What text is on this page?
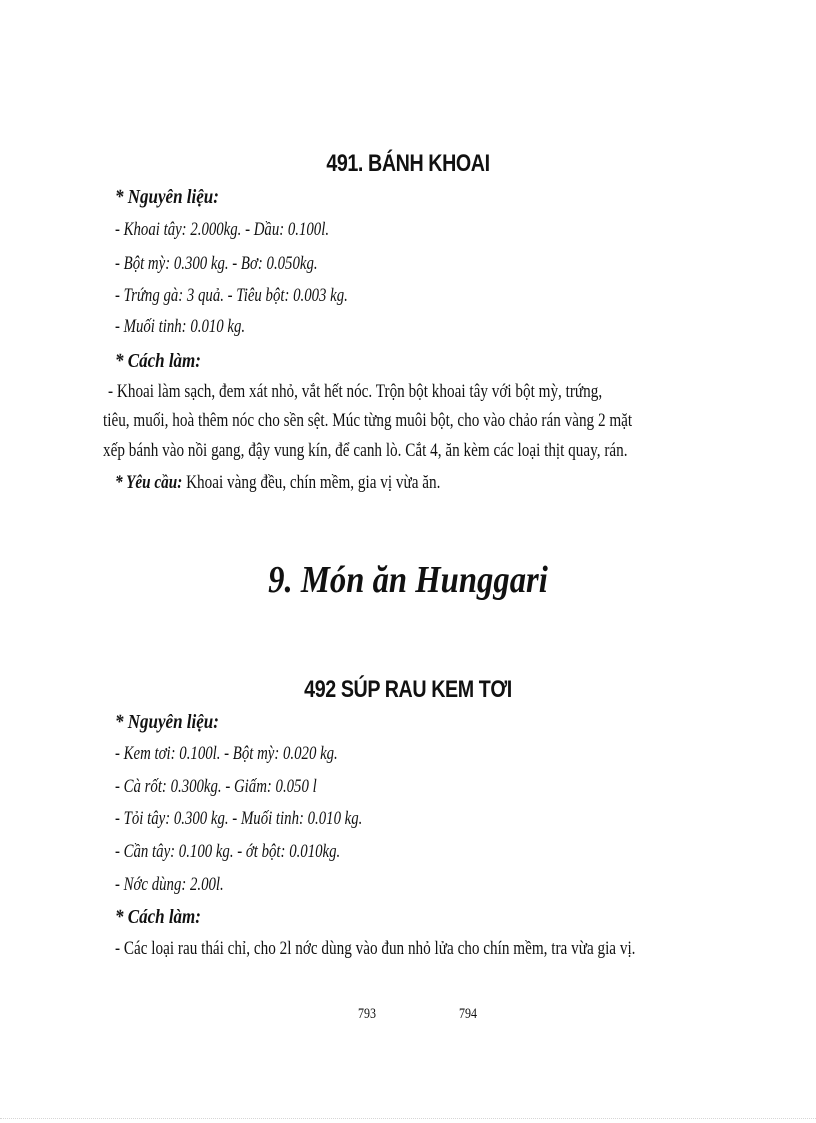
491. BÁNH KHOAI
* Nguyên liệu:
- Khoai tây: 2.000kg. - Dầu: 0.100l.
- Bột mỳ: 0.300 kg. - Bơ: 0.050kg.
- Trứng gà: 3 quả. - Tiêu bột: 0.003 kg.
- Muối tinh: 0.010 kg.
* Cách làm:
- Khoai làm sạch, đem xát nhỏ, vắt hết nóc. Trộn bột khoai tây với bột mỳ, trứng,
tiêu, muối, hoà thêm nóc cho sền sệt. Múc từng muôi bột, cho vào chảo rán vàng 2 mặt
xếp bánh vào nồi gang, đậy vung kín, để canh lò. Cắt 4, ăn kèm các loại thịt quay, rán.
* Yêu cầu: Khoai vàng đều, chín mềm, gia vị vừa ăn.
9. Món ăn Hunggari
492 SÚP RAU KEM TƠI
* Nguyên liệu:
- Kem tơi: 0.100l. - Bột mỳ: 0.020 kg.
- Cà rốt: 0.300kg. - Giấm: 0.050 l
- Tỏi tây: 0.300 kg. - Muối tinh: 0.010 kg.
- Cần tây: 0.100 kg. - ớt bột: 0.010kg.
- Nớc dùng: 2.00l.
* Cách làm:
- Các loại rau thái chỉ, cho 2l nớc dùng vào đun nhỏ lửa cho chín mềm, tra vừa gia vị.
793	794
